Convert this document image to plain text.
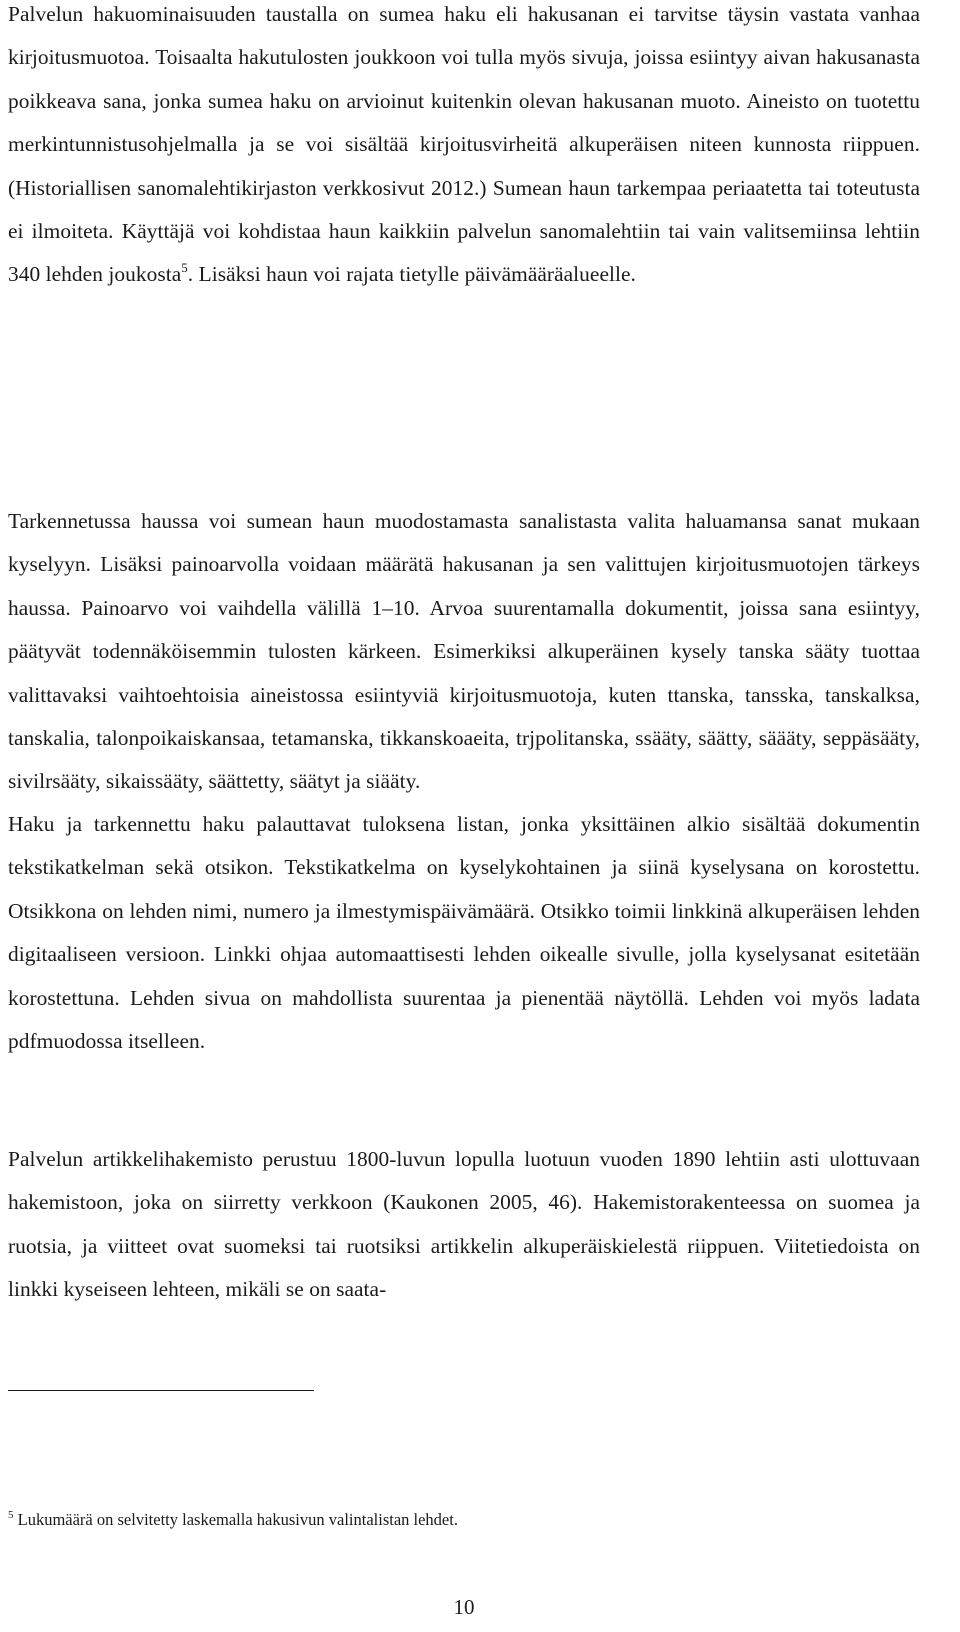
Palvelun hakuominaisuuden taustalla on sumea haku eli hakusanan ei tarvitse täysin vastata vanhaa kirjoitusmuotoa. Toisaalta hakutulosten joukkoon voi tulla myös sivuja, joissa esiintyy aivan hakusanasta poikkeava sana, jonka sumea haku on arvioinut kuitenkin olevan hakusanan muoto. Aineisto on tuotettu merkintunnistusohjelmalla ja se voi sisältää kirjoitusvirheitä alkuperäisen niteen kunnosta riippuen. (Historiallisen sanomalehtikirjaston verkkosivut 2012.) Sumean haun tarkempaa periaatetta tai toteutusta ei ilmoiteta. Käyttäjä voi kohdistaa haun kaikkiin palvelun sanomalehtiin tai vain valitsemiinsa lehtiin 340 lehden joukosta$^5$. Lisäksi haun voi rajata tietylle päivämääräalueelle.

Tarkennetussa haussa voi sumean haun muodostamasta sanalistasta valita haluamansa sanat mukaan kyselyyn. Lisäksi painoarvolla voidaan määrätä hakusanan ja sen valittujen kirjoitusmuotojen tärkeys haussa. Painoarvo voi vaihdella välillä 1–10. Arvoa suurentamalla dokumentit, joissa sana esiintyy, päätyvät todennäköisemmin tulosten kärkeen. Esimerkiksi alkuperäinen kysely tanska sääty tuottaa valittavaksi vaihtoehtoisia aineistossa esiintyviä kirjoitusmuotoja, kuten ttanska, tansska, tanskalksa, tanskalia, talonpoikaiskansaa, tetamanska, tikkanskoaeita, trjpolitanska, ssääty, säätty, säääty, seppäsääty, sivilrsääty, sikaissääty, säättetty, säätyt ja siääty.

Haku ja tarkennettu haku palauttavat tuloksena listan, jonka yksittäinen alkio sisältää dokumentin tekstikatkelman sekä otsikon. Tekstikatkelma on kyselykohtainen ja siinä kyselysana on korostettu. Otsikkona on lehden nimi, numero ja ilmestymispäivämäärä. Otsikko toimii linkkinä alkuperäisen lehden digitaaliseen versioon. Linkki ohjaa automaattisesti lehden oikealle sivulle, jolla kyselysanat esitetään korostettuna. Lehden sivua on mahdollista suurentaa ja pienentää näytöllä. Lehden voi myös ladata pdfmuodossa itselleen.

Palvelun artikkelihakemisto perustuu 1800-luvun lopulla luotuun vuoden 1890 lehtiin asti ulottuvaan hakemistoon, joka on siirretty verkkoon (Kaukonen 2005, 46). Hakemistorakenteessa on suomea ja ruotsia, ja viitteet ovat suomeksi tai ruotsiksi artikkelin alkuperäiskielestä riippuen. Viitetiedoista on linkki kyseiseen lehteen, mikäli se on saata-

$^5$ Lukumäärä on selvitetty laskemalla hakusivun valintalistan lehdet.
10
